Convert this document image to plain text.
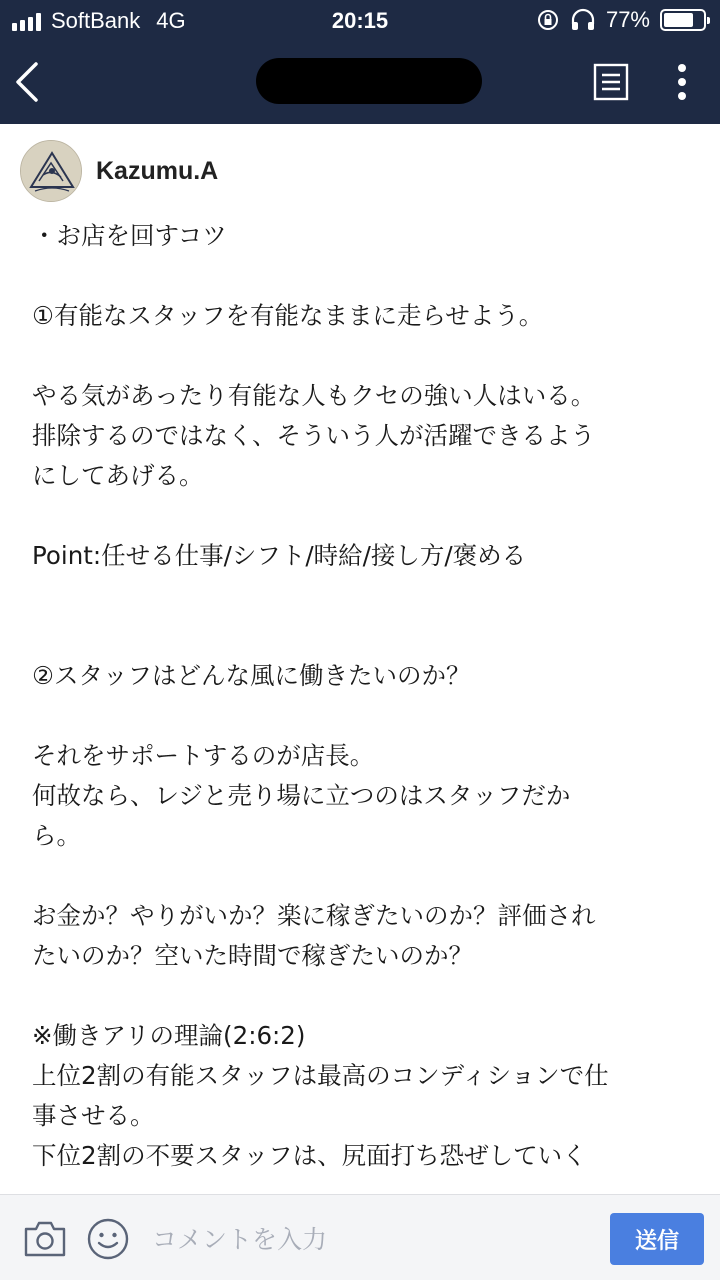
SoftBank 4G	20:15	77%
Kazumu.A
・お店を回すコツ
①有能なスタッフを有能なままに走らせよう。
やる気があったり有能な人もクセの強い人はいる。
排除するのではなく、そういう人が活躍できるよう
にしてあげる。
Point:任せる仕事/シフト/時給/接し方/褒める
②スタッフはどんな風に働きたいのか？
それをサポートするのが店長。
何故なら、レジと売り場に立つのはスタッフだか
ら。
お金か？やりがいか？楽に稼ぎたいのか？評価され
たいのか？空いた時間で稼ぎたいのか？
※働きアリの理論(2:6:2)
上位2割の有能スタッフは最高のコンディションで仕
事させる。
下位2割の不要スタッフは、尻面打ち恐ぜしていく
コメントを入力
送信
